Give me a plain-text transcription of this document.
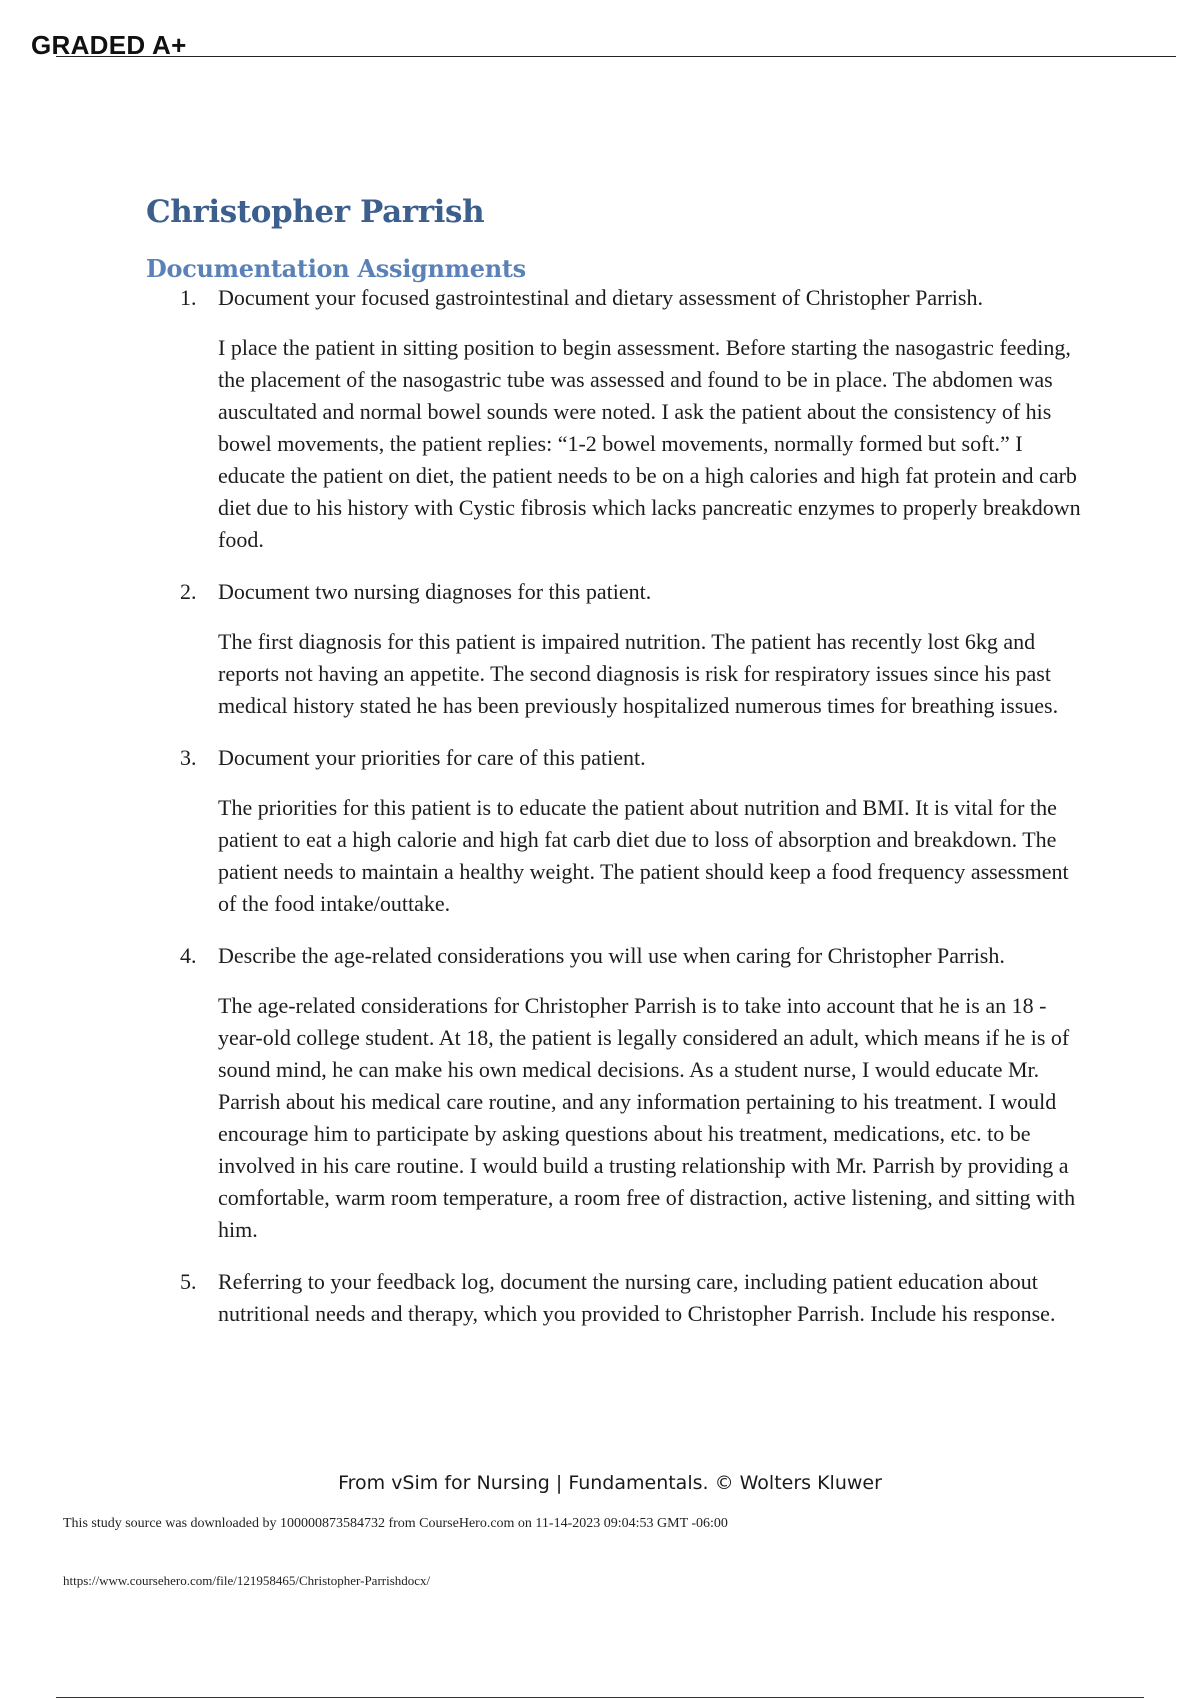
GRADED A+

Christopher Parrish
Documentation Assignments
1. Document your focused gastrointestinal and dietary assessment of Christopher Parrish.

I place the patient in sitting position to begin assessment. Before starting the nasogastric feeding, the placement of the nasogastric tube was assessed and found to be in place. The abdomen was auscultated and normal bowel sounds were noted. I ask the patient about the consistency of his bowel movements, the patient replies: “1-2 bowel movements, normally formed but soft.” I educate the patient on diet, the patient needs to be on a high calories and high fat protein and carb diet due to his history with Cystic fibrosis which lacks pancreatic enzymes to properly breakdown food.

2. Document two nursing diagnoses for this patient.

The first diagnosis for this patient is impaired nutrition. The patient has recently lost 6kg and reports not having an appetite. The second diagnosis is risk for respiratory issues since his past medical history stated he has been previously hospitalized numerous times for breathing issues.

3. Document your priorities for care of this patient.

The priorities for this patient is to educate the patient about nutrition and BMI. It is vital for the patient to eat a high calorie and high fat carb diet due to loss of absorption and breakdown. The patient needs to maintain a healthy weight. The patient should keep a food frequency assessment of the food intake/outtake.

4. Describe the age-related considerations you will use when caring for Christopher Parrish.

The age-related considerations for Christopher Parrish is to take into account that he is an 18 -year-old college student. At 18, the patient is legally considered an adult, which means if he is of sound mind, he can make his own medical decisions. As a student nurse, I would educate Mr. Parrish about his medical care routine, and any information pertaining to his treatment. I would encourage him to participate by asking questions about his treatment, medications, etc. to be involved in his care routine. I would build a trusting relationship with Mr. Parrish by providing a comfortable, warm room temperature, a room free of distraction, active listening, and sitting with him.

5. Referring to your feedback log, document the nursing care, including patient education about nutritional needs and therapy, which you provided to Christopher Parrish. Include his response.

From vSim for Nursing | Fundamentals. © Wolters Kluwer

This study source was downloaded by 100000873584732 from CourseHero.com on 11-14-2023 09:04:53 GMT -06:00

https://www.coursehero.com/file/121958465/Christopher-Parrishdocx/
